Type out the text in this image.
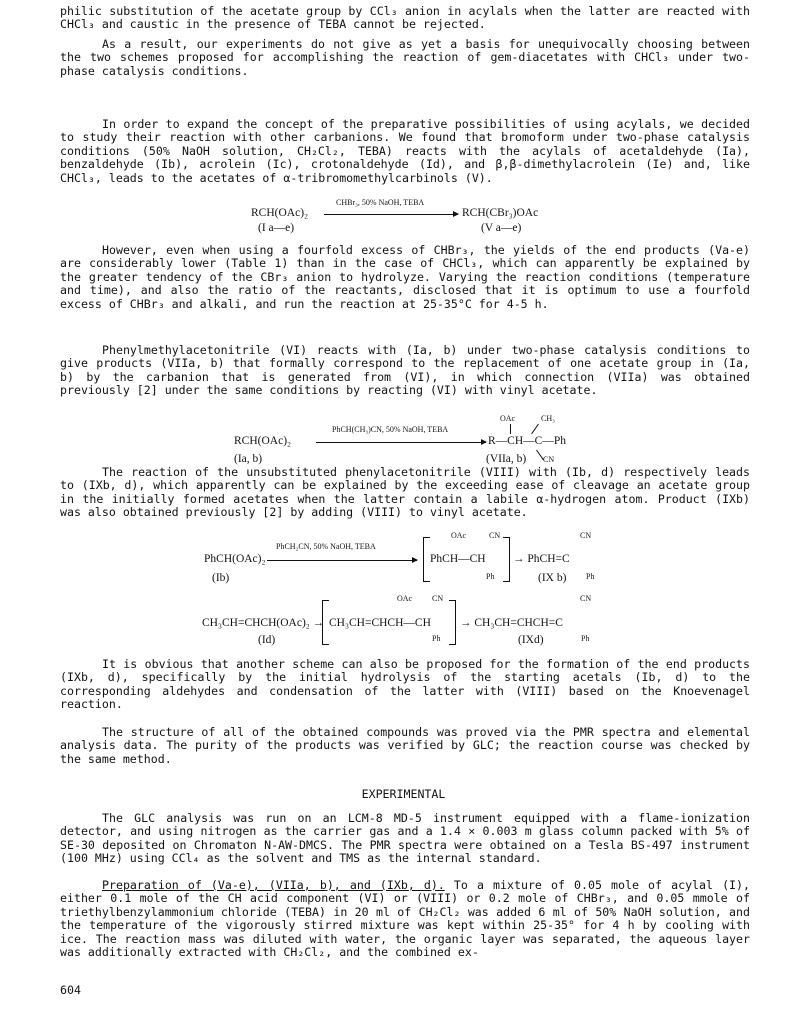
philic substitution of the acetate group by CCl₃ anion in acylals when the latter are reacted with CHCl₃ and caustic in the presence of TEBA cannot be rejected.

As a result, our experiments do not give as yet a basis for unequivocally choosing between the two schemes proposed for accomplishing the reaction of gem-diacetates with CHCl₃ under two-phase catalysis conditions.

In order to expand the concept of the preparative possibilities of using acylals, we decided to study their reaction with other carbanions. We found that bromoform under two-phase catalysis conditions (50% NaOH solution, CH₂Cl₂, TEBA) reacts with the acylals of acetaldehyde (Ia), benzaldehyde (Ib), acrolein (Ic), crotonaldehyde (Id), and β,β-dimethylacrolein (Ie) and, like CHCl₃, leads to the acetates of α-tribromomethylcarbinols (V).

RCH(OAc)₂
CHBr₃, 50% NaOH, TEBA
RCH(CBr₃)OAc
(I a—e)	(V a—e)

However, even when using a fourfold excess of CHBr₃, the yields of the end products (Va-e) are considerably lower (Table 1) than in the case of CHCl₃, which can apparently be explained by the greater tendency of the CBr₃ anion to hydrolyze. Varying the reaction conditions (temperature and time), and also the ratio of the reactants, disclosed that it is optimum to use a fourfold excess of CHBr₃ and alkali, and run the reaction at 25-35°C for 4-5 h.

Phenylmethylacetonitrile (VI) reacts with (Ia, b) under two-phase catalysis conditions to give products (VIIa, b) that formally correspond to the replacement of one acetate group in (Ia, b) by the carbanion that is generated from (VI), in which connection (VIIa) was obtained previously [2] under the same conditions by reacting (VI) with vinyl acetate.

OAc	CH₃
RCH(OAc)₂
PhCH(CH₃)CN, 50% NaOH, TEBA
R—CH—C—Ph
(Ia, b)	(VIIa, b) CN

The reaction of the unsubstituted phenylacetonitrile (VIII) with (Ib, d) respectively leads to (IXb, d), which apparently can be explained by the exceeding ease of cleavage an acetate group in the initially formed acetates when the latter contain a labile α-hydrogen atom. Product (IXb) was also obtained previously [2] by adding (VIII) to vinyl acetate.

OAc	CN	CN
PhCH(OAc)₂
PhCH₂CN, 50% NaOH, TEBA
PhCH—CH → PhCH=C
(Ib)	Ph	(IX b) Ph
OAc CN	CN
CH₃CH=CHCH(OAc)₂ → CH₃CH=CHCH—CH	→ CH₃CH=CHCH=C
(Id)	Ph	(IXd)	Ph

It is obvious that another scheme can also be proposed for the formation of the end products (IXb, d), specifically by the initial hydrolysis of the starting acetals (Ib, d) to the corresponding aldehydes and condensation of the latter with (VIII) based on the Knoevenagel reaction.

The structure of all of the obtained compounds was proved via the PMR spectra and elemental analysis data. The purity of the products was verified by GLC; the reaction course was checked by the same method.

EXPERIMENTAL

The GLC analysis was run on an LCM-8 MD-5 instrument equipped with a flame-ionization detector, and using nitrogen as the carrier gas and a 1.4 × 0.003 m glass column packed with 5% of SE-30 deposited on Chromaton N-AW-DMCS. The PMR spectra were obtained on a Tesla BS-497 instrument (100 MHz) using CCl₄ as the solvent and TMS as the internal standard.

Preparation of (Va-e), (VIIa, b), and (IXb, d). To a mixture of 0.05 mole of acylal (I), either 0.1 mole of the CH acid component (VI) or (VIII) or 0.2 mole of CHBr₃, and 0.05 mmole of triethylbenzylammonium chloride (TEBA) in 20 ml of CH₂Cl₂ was added 6 ml of 50% NaOH solution, and the temperature of the vigorously stirred mixture was kept within 25-35° for 4 h by cooling with ice. The reaction mass was diluted with water, the organic layer was separated, the aqueous layer was additionally extracted with CH₂Cl₂, and the combined ex-

604
